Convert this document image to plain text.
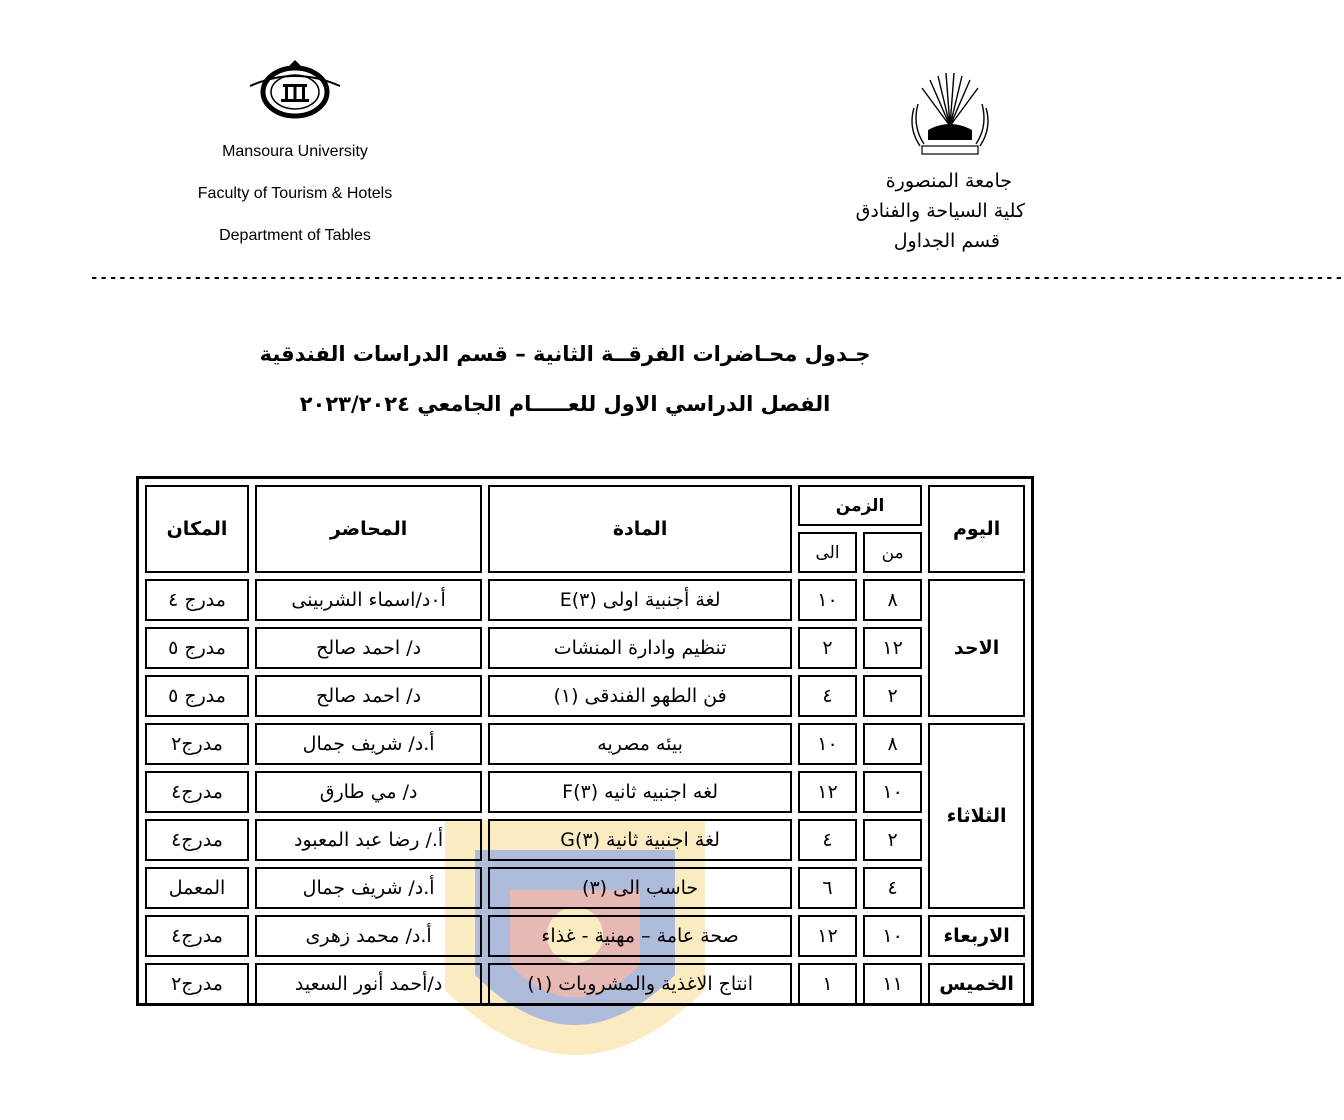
Mansoura University
Faculty of Tourism & Hotels
Department of Tables
جامعة المنصورة
كلية السياحة والفنادق
قسم الجداول
-------------------------------------------------------------------------------------------------------------------------------------
جـدول محـاضرات الفرقــة الثانية – قسم الدراسات الفندقية
الفصل الدراسي الاول للعـــــام الجامعي ٢٠٢٣/٢٠٢٤
اليوم	الزمن		المادة	المحاضر	المكان
	من	الى			
الاحد	٨	١٠	لغة أجنبية اولى (٣)E	أ٠د/اسماء الشربينى	مدرج ٤
	١٢	٢	تنظيم وادارة المنشات	د/ احمد صالح	مدرج ٥
	٢	٤	فن الطهو الفندقى (١)	د/ احمد صالح	مدرج ٥
الثلاثاء	٨	١٠	بيئه مصريه	أ.د/ شريف جمال	مدرج٢
	١٠	١٢	لغه اجنبيه ثانيه (٣)F	د/ مي طارق	مدرج٤
	٢	٤	لغة اجنبية ثانية (٣)G	أ./ رضا عبد المعبود	مدرج٤
	٤	٦	حاسب الى (٣)	أ.د/ شريف جمال	المعمل
الاربعاء	١٠	١٢	صحة عامة – مهنية - غذاء	أ.د/ محمد زهرى	مدرج٤
الخميس	١١	١	انتاج الاغذية والمشروبات (١)	د/أحمد أنور السعيد	مدرج٢
